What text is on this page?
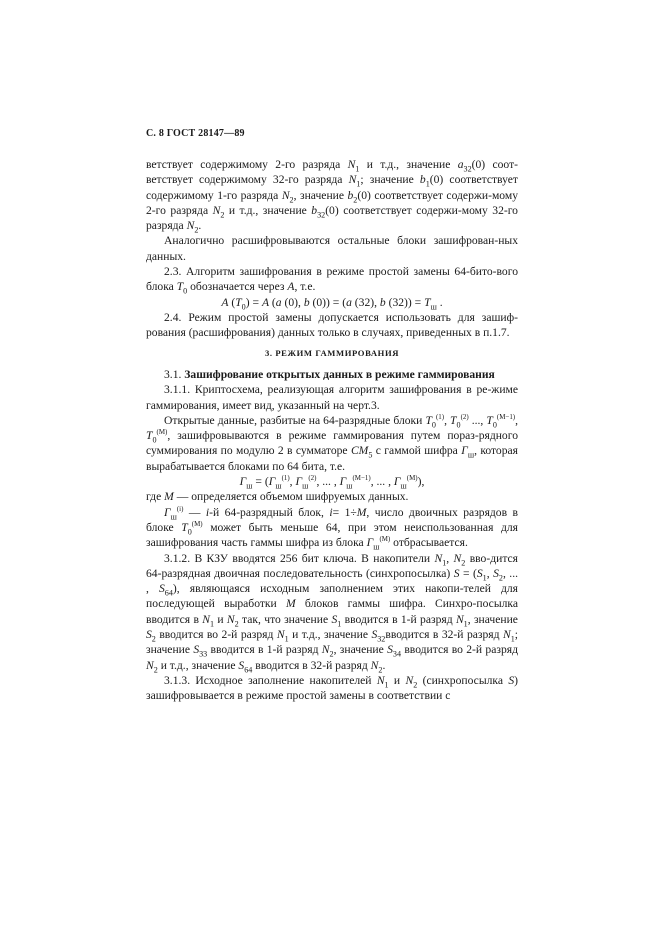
С. 8 ГОСТ 28147—89

ветствует содержимому 2-го разряда $N_1$ и т.д., значение $a_{32}(0)$ соот-ветствует содержимому 32-го разряда $N_1$; значение $b_1(0)$ соответствует содержимому 1-го разряда $N_2$, значение $b_2(0)$ соответствует содержи-мому 2-го разряда $N_2$ и т.д., значение $b_{32}(0)$ соответствует содержи-мому 32-го разряда $N_2$.

Аналогично расшифровываются остальные блоки зашифрован-ных данных.

2.3. Алгоритм зашифрования в режиме простой замены 64-бито-вого блока $T_0$ обозначается через A, т.е.

A $(T_0) = A$ (a (0), b (0)) = (a (32), b $(32)) = T_ш$ .

2.4. Режим простой замены допускается использовать для зашиф-рования (расшифрования) данных только в случаях, приведенных в п.1.7.

3. РЕЖИМ ГАММИРОВАНИЯ

3.1. Зашифрование открытых данных в режиме гаммирования

3.1.1. Криптосхема, реализующая алгоритм зашифрования в ре-жиме гаммирования, имеет вид, указанный на черт.3.

Открытые данные, разбитые на 64-разрядные блоки $T_0^{(1)}$, $T_0^{(2)}$ ..., $T_0^{(M-1)}$, $T_0^{(M)}$, зашифровываются в режиме гаммирования путем пораз-рядного суммирования по модулю 2 в сумматоре $CM_5$ с гаммой шифра $Г_ш$, которая вырабатывается блоками по 64 бита, т.е.

$Г_ш = (Г_ш^{(1)}$, $Г_ш^{(2)}$, ... , $Г_ш^{(M-1)}$, ... , $Г_ш^{(M)}$),

где M — определяется объемом шифруемых данных.

$Г_ш^{(i)}$ — i-й 64-разрядный блок, i= 1÷M, число двоичных разрядов в блоке $T_0^{(M)}$ может быть меньше 64, при этом неиспользованная для зашифрования часть гаммы шифра из блока $Г_ш^{(M)}$ отбрасывается.

3.1.2. В КЗУ вводятся 256 бит ключа. В накопители $N_1$, $N_2$ вво-дится 64-разрядная двоичная последовательность (синхропосылка) $S = (S_1$, $S_2$, ... , $S_{64}$), являющаяся исходным заполнением этих накопи-телей для последующей выработки M блоков гаммы шифра. Синхро-посылка вводится в $N_1$ и $N_2$ так, что значение $S_1$ вводится в 1-й разряд $N_1$, значение $S_2$ вводится во 2-й разряд $N_1$ и т.д., значение $S_{32}вводится$ в 32-й разряд $N_1$; значение $S_{33}$ вводится в 1-й разряд $N_2$, значение $S_{34}$ вводится во 2-й разряд $N_2$ и т.д., значение $S_{64}$ вводится в 32-й разряд $N_2$.

3.1.3. Исходное заполнение накопителей $N_1$ и $N_2$ (синхропосылка S) зашифровывается в режиме простой замены в соответствии с
